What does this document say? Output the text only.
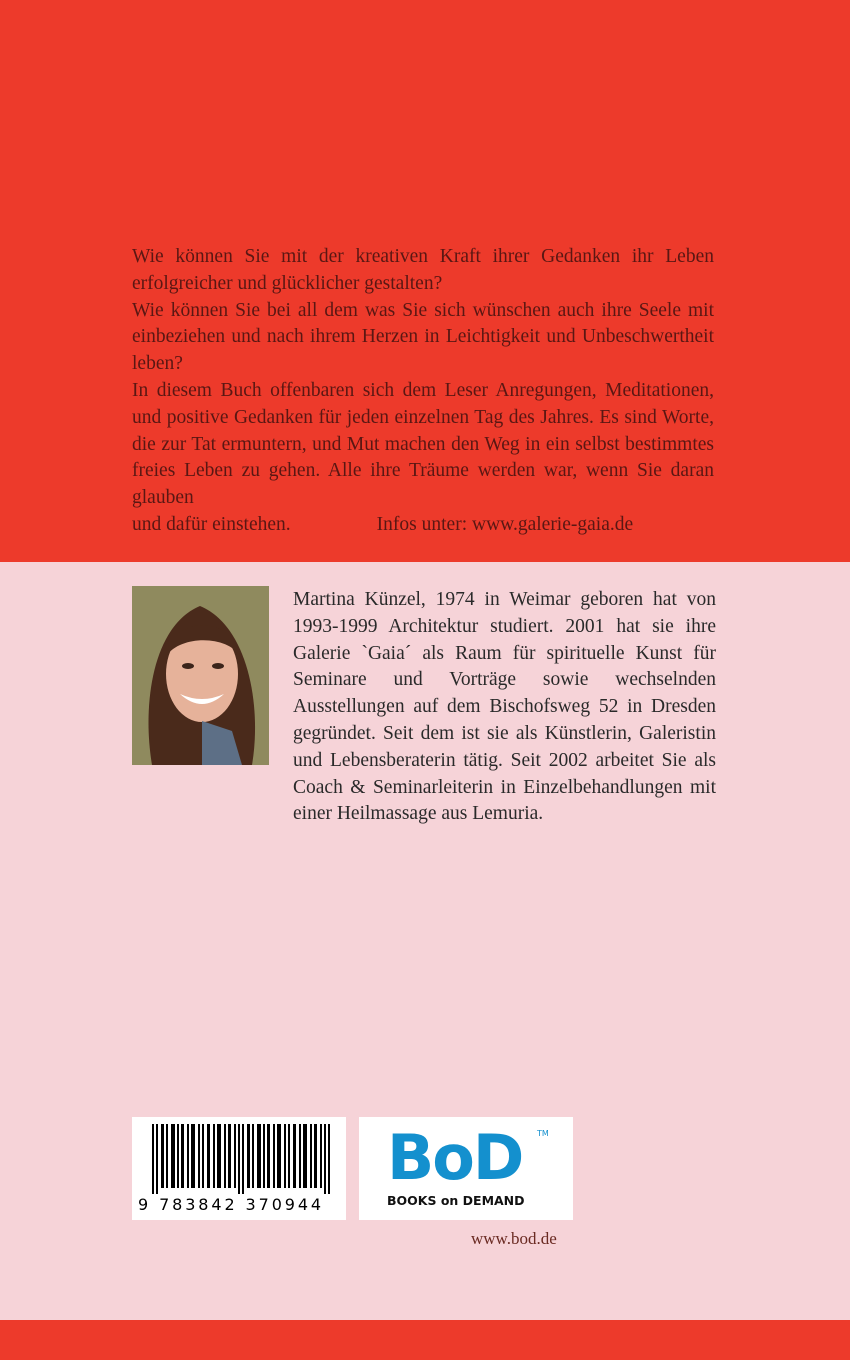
Wie können Sie mit der kreativen Kraft ihrer Gedanken ihr Leben erfolgreicher und glücklicher gestalten?

Wie können Sie bei all dem was Sie sich wünschen auch ihre Seele mit einbeziehen und nach ihrem Herzen in Leichtigkeit und Unbeschwertheit leben?

In diesem Buch offenbaren sich dem Leser Anregungen, Meditationen, und positive Gedanken für jeden einzelnen Tag des Jahres. Es sind Worte, die zur Tat ermuntern, und Mut machen den Weg in ein selbst bestimmtes freies Leben zu gehen. Alle ihre Träume werden war, wenn Sie daran glauben

und dafür einstehen.	Infos unter: www.galerie-gaia.de

Martina Künzel, 1974 in Weimar geboren hat von 1993-1999 Architektur studiert. 2001 hat sie ihre Galerie `Gaia´ als Raum für spirituelle Kunst für Seminare und Vorträge sowie wechselnden Ausstellungen auf dem Bischofsweg 52 in Dresden gegründet. Seit dem ist sie als Künstlerin, Galeristin und Lebensberaterin tätig. Seit 2002 arbeitet Sie als Coach & Seminarleiterin in Einzelbehandlungen mit einer Heilmassage aus Lemuria.

9 783842 370944
BoD TM
BOOKS on DEMAND
www.bod.de
